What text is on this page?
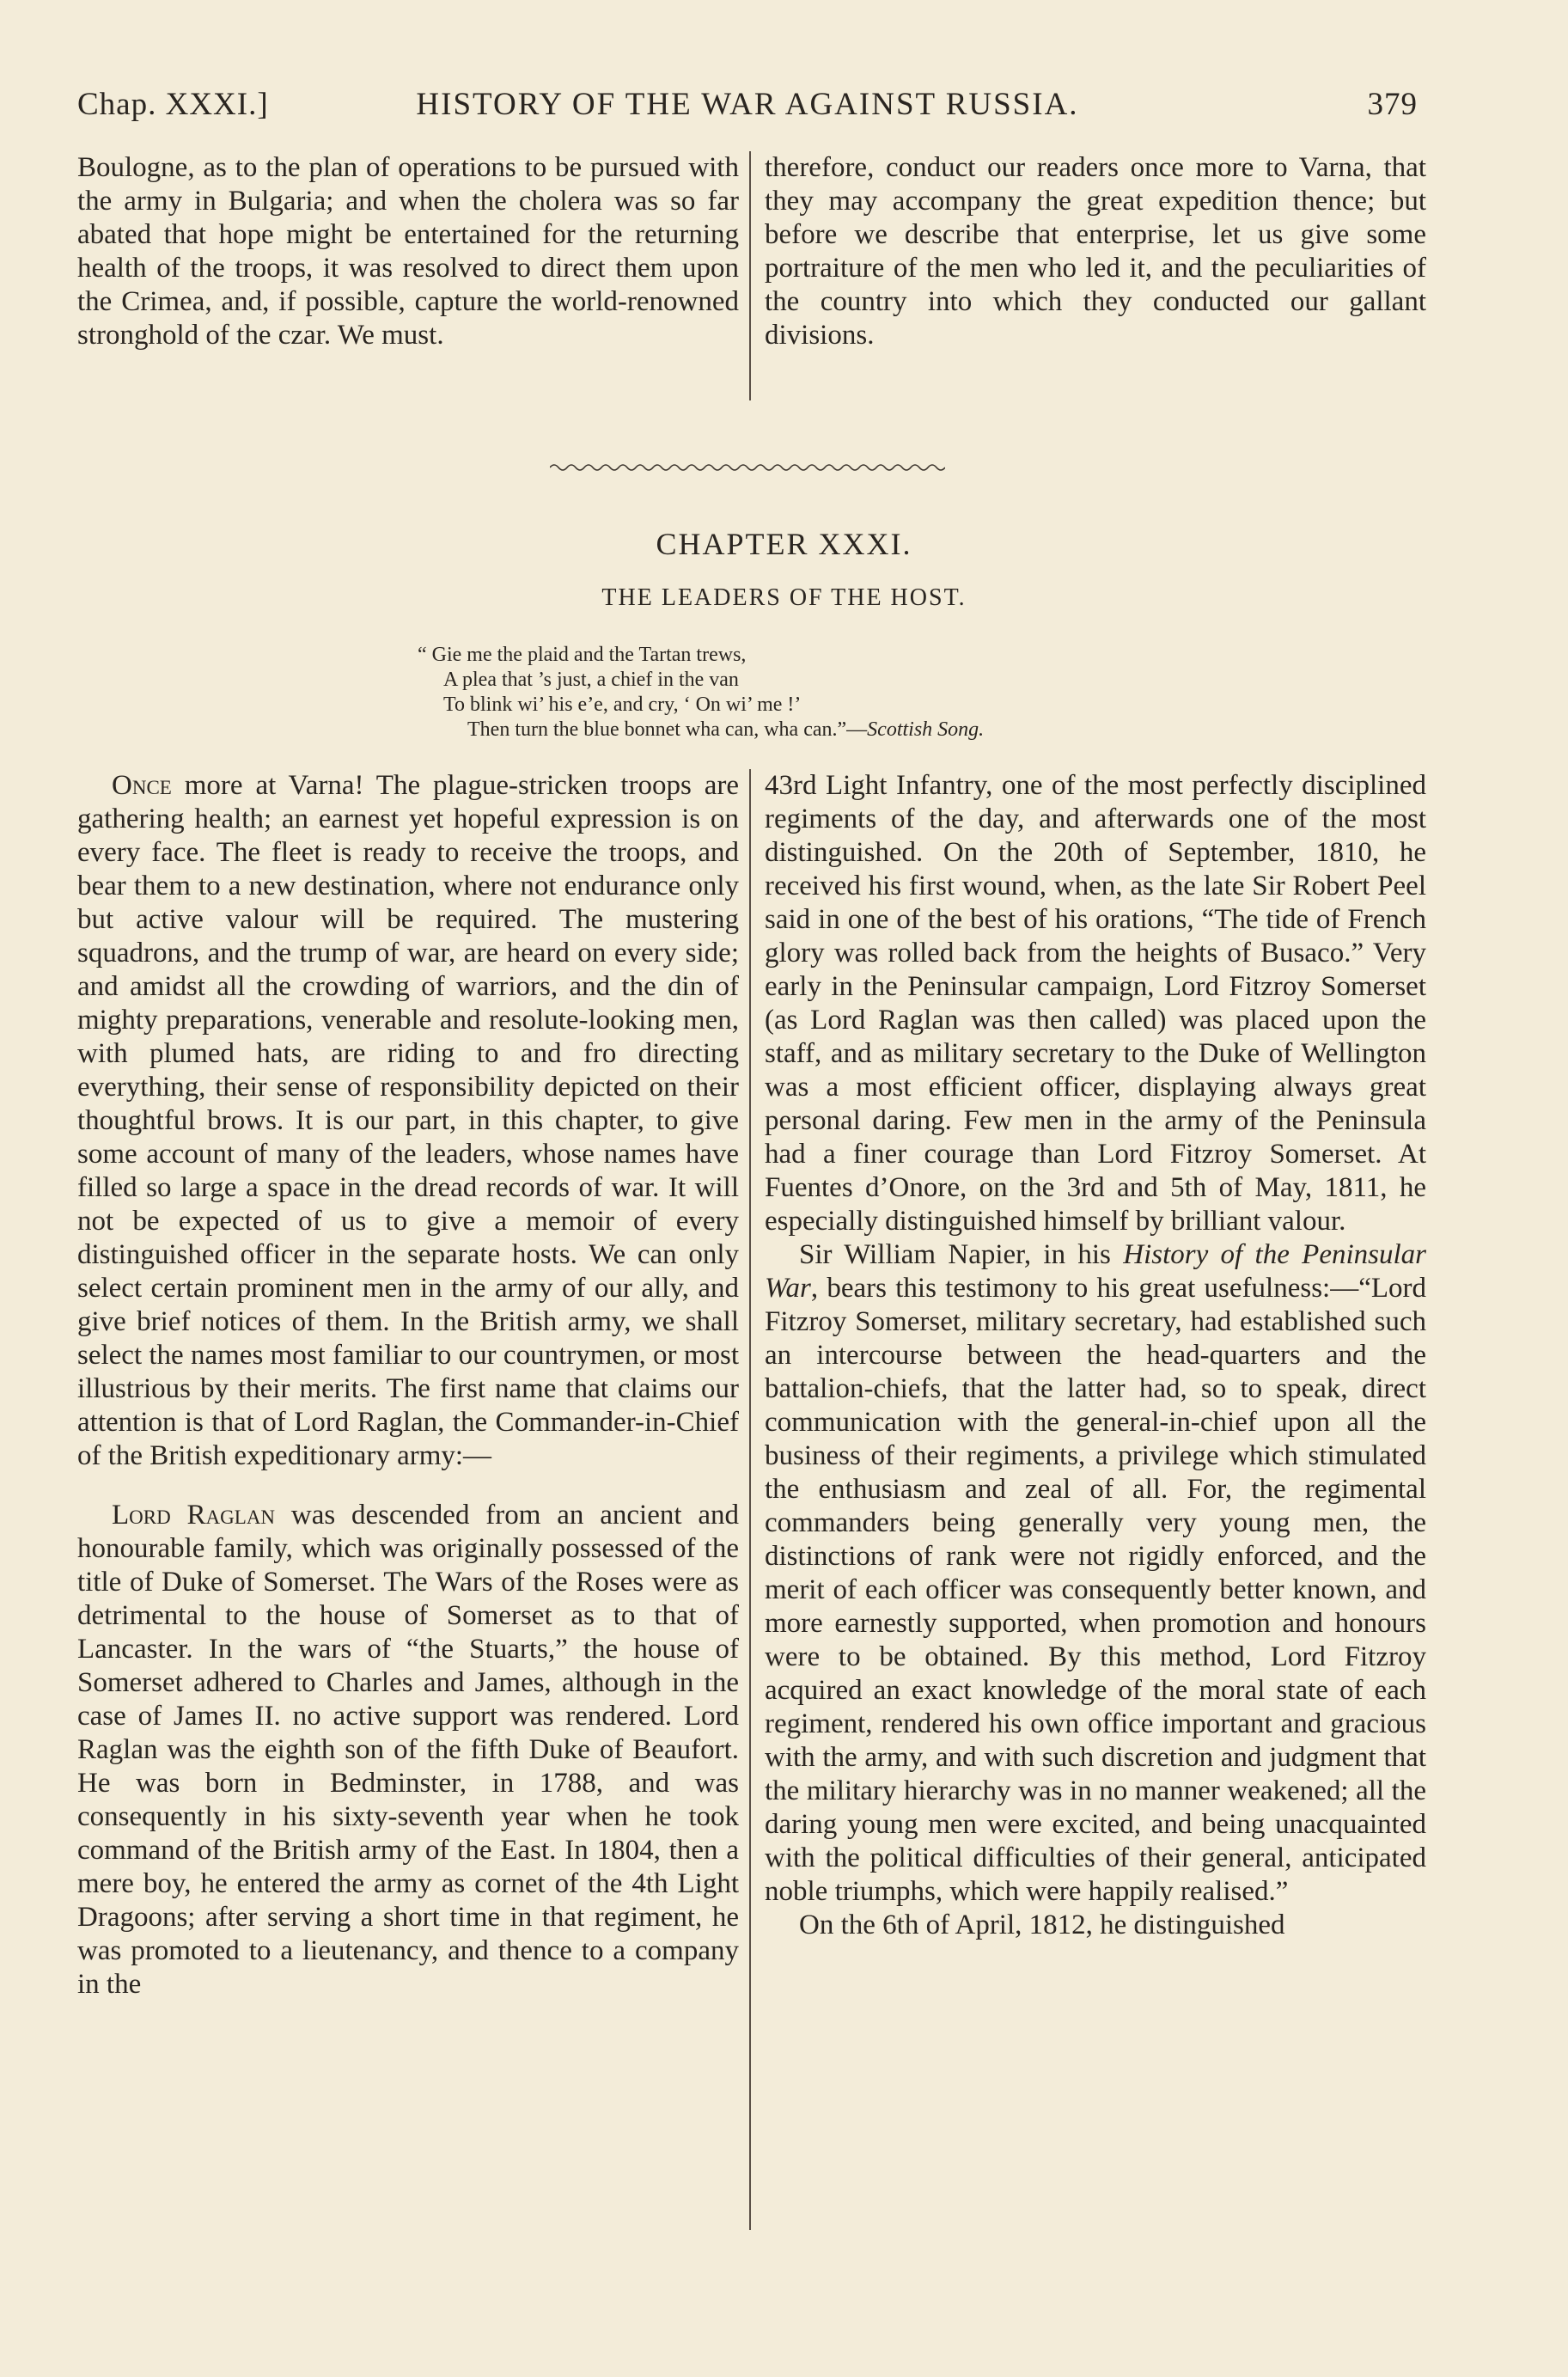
Chap. XXXI.]	HISTORY OF THE WAR AGAINST RUSSIA.	379

Boulogne, as to the plan of operations to be pursued with the army in Bulgaria; and when the cholera was so far abated that hope might be entertained for the returning health of the troops, it was resolved to direct them upon the Crimea, and, if possible, capture the world-renowned stronghold of the czar. We must.

therefore, conduct our readers once more to Varna, that they may accompany the great expedition thence; but before we describe that enterprise, let us give some portraiture of the men who led it, and the peculiarities of the country into which they conducted our gallant divisions.

CHAPTER XXXI.
THE LEADERS OF THE HOST.
“ Gie me the plaid and the Tartan trews,
A plea that ’s just, a chief in the van
To blink wi’ his e’e, and cry, ‘ On wi’ me !’
Then turn the blue bonnet wha can, wha can.”—Scottish Song.

Once more at Varna! The plague-stricken troops are gathering health; an earnest yet hopeful expression is on every face. The fleet is ready to receive the troops, and bear them to a new destination, where not endurance only but active valour will be required. The mustering squadrons, and the trump of war, are heard on every side; and amidst all the crowding of warriors, and the din of mighty preparations, venerable and resolute-looking men, with plumed hats, are riding to and fro directing everything, their sense of responsibility depicted on their thoughtful brows. It is our part, in this chapter, to give some account of many of the leaders, whose names have filled so large a space in the dread records of war. It will not be expected of us to give a memoir of every distinguished officer in the separate hosts. We can only select certain prominent men in the army of our ally, and give brief notices of them. In the British army, we shall select the names most familiar to our countrymen, or most illustrious by their merits. The first name that claims our attention is that of Lord Raglan, the Commander-in-Chief of the British expeditionary army:—

Lord Raglan was descended from an ancient and honourable family, which was originally possessed of the title of Duke of Somerset. The Wars of the Roses were as detrimental to the house of Somerset as to that of Lancaster. In the wars of “the Stuarts,” the house of Somerset adhered to Charles and James, although in the case of James II. no active support was rendered. Lord Raglan was the eighth son of the fifth Duke of Beaufort. He was born in Bedminster, in 1788, and was consequently in his sixty-seventh year when he took command of the British army of the East. In 1804, then a mere boy, he entered the army as cornet of the 4th Light Dragoons; after serving a short time in that regiment, he was promoted to a lieutenancy, and thence to a company in the

43rd Light Infantry, one of the most perfectly disciplined regiments of the day, and afterwards one of the most distinguished. On the 20th of September, 1810, he received his first wound, when, as the late Sir Robert Peel said in one of the best of his orations, “The tide of French glory was rolled back from the heights of Busaco.” Very early in the Peninsular campaign, Lord Fitzroy Somerset (as Lord Raglan was then called) was placed upon the staff, and as military secretary to the Duke of Wellington was a most efficient officer, displaying always great personal daring. Few men in the army of the Peninsula had a finer courage than Lord Fitzroy Somerset. At Fuentes d’Onore, on the 3rd and 5th of May, 1811, he especially distinguished himself by brilliant valour.

Sir William Napier, in his History of the Peninsular War, bears this testimony to his great usefulness:—“Lord Fitzroy Somerset, military secretary, had established such an intercourse between the head-quarters and the battalion-chiefs, that the latter had, so to speak, direct communication with the general-in-chief upon all the business of their regiments, a privilege which stimulated the enthusiasm and zeal of all. For, the regimental commanders being generally very young men, the distinctions of rank were not rigidly enforced, and the merit of each officer was consequently better known, and more earnestly supported, when promotion and honours were to be obtained. By this method, Lord Fitzroy acquired an exact knowledge of the moral state of each regiment, rendered his own office important and gracious with the army, and with such discretion and judgment that the military hierarchy was in no manner weakened; all the daring young men were excited, and being unacquainted with the political difficulties of their general, anticipated noble triumphs, which were happily realised.”

On the 6th of April, 1812, he distinguished
